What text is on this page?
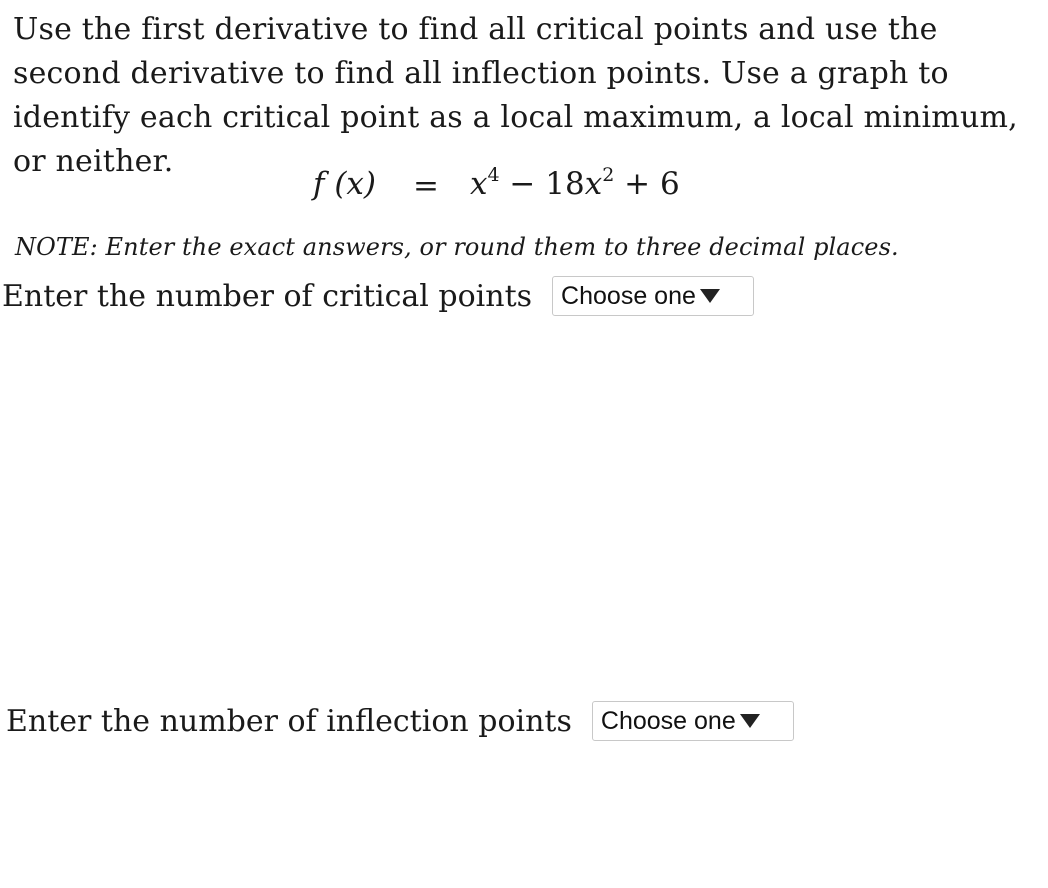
Use the first derivative to find all critical points and use the second derivative to find all inflection points. Use a graph to identify each critical point as a local maximum, a local minimum, or neither.
f $(x) = x^4 - 18x^2 + 6$
NOTE: Enter the exact answers, or round them to three decimal places.
Enter the number of critical points Choose one
Enter the number of inflection points Choose one
